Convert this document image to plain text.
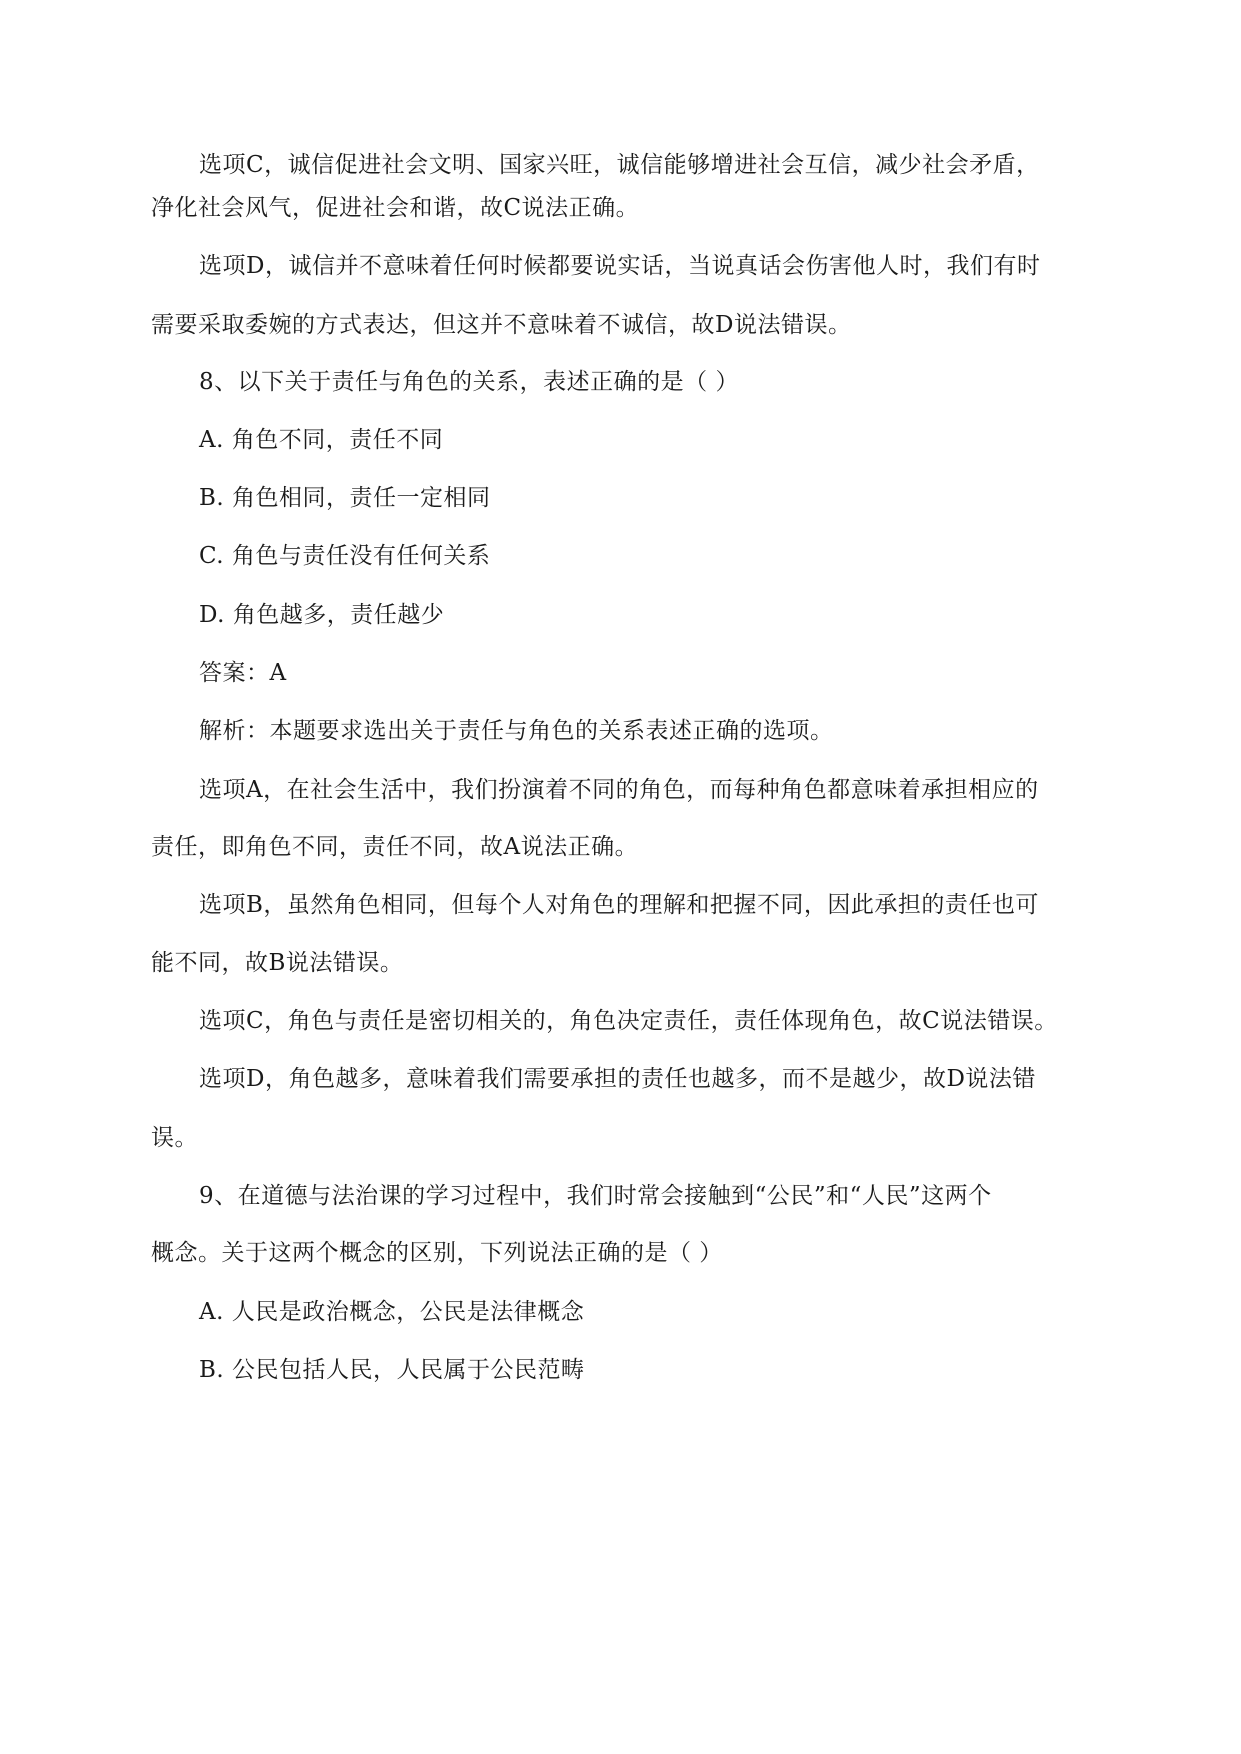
选项C，诚信促进社会文明、国家兴旺，诚信能够增进社会互信，减少社会矛盾，
净化社会风气，促进社会和谐，故C说法正确。
选项D，诚信并不意味着任何时候都要说实话，当说真话会伤害他人时，我们有时
需要采取委婉的方式表达，但这并不意味着不诚信，故D说法错误。
8、以下关于责任与角色的关系，表述正确的是（ ）
A. 角色不同，责任不同
B. 角色相同，责任一定相同
C. 角色与责任没有任何关系
D. 角色越多，责任越少
答案：A
解析：本题要求选出关于责任与角色的关系表述正确的选项。
选项A，在社会生活中，我们扮演着不同的角色，而每种角色都意味着承担相应的
责任，即角色不同，责任不同，故A说法正确。
选项B，虽然角色相同，但每个人对角色的理解和把握不同，因此承担的责任也可
能不同，故B说法错误。
选项C，角色与责任是密切相关的，角色决定责任，责任体现角色，故C说法错误。
选项D，角色越多，意味着我们需要承担的责任也越多，而不是越少，故D说法错
误。
9、在道德与法治课的学习过程中，我们时常会接触到“公民”和“人民”这两个
概念。关于这两个概念的区别，下列说法正确的是（ ）
A. 人民是政治概念，公民是法律概念
B. 公民包括人民，人民属于公民范畴
